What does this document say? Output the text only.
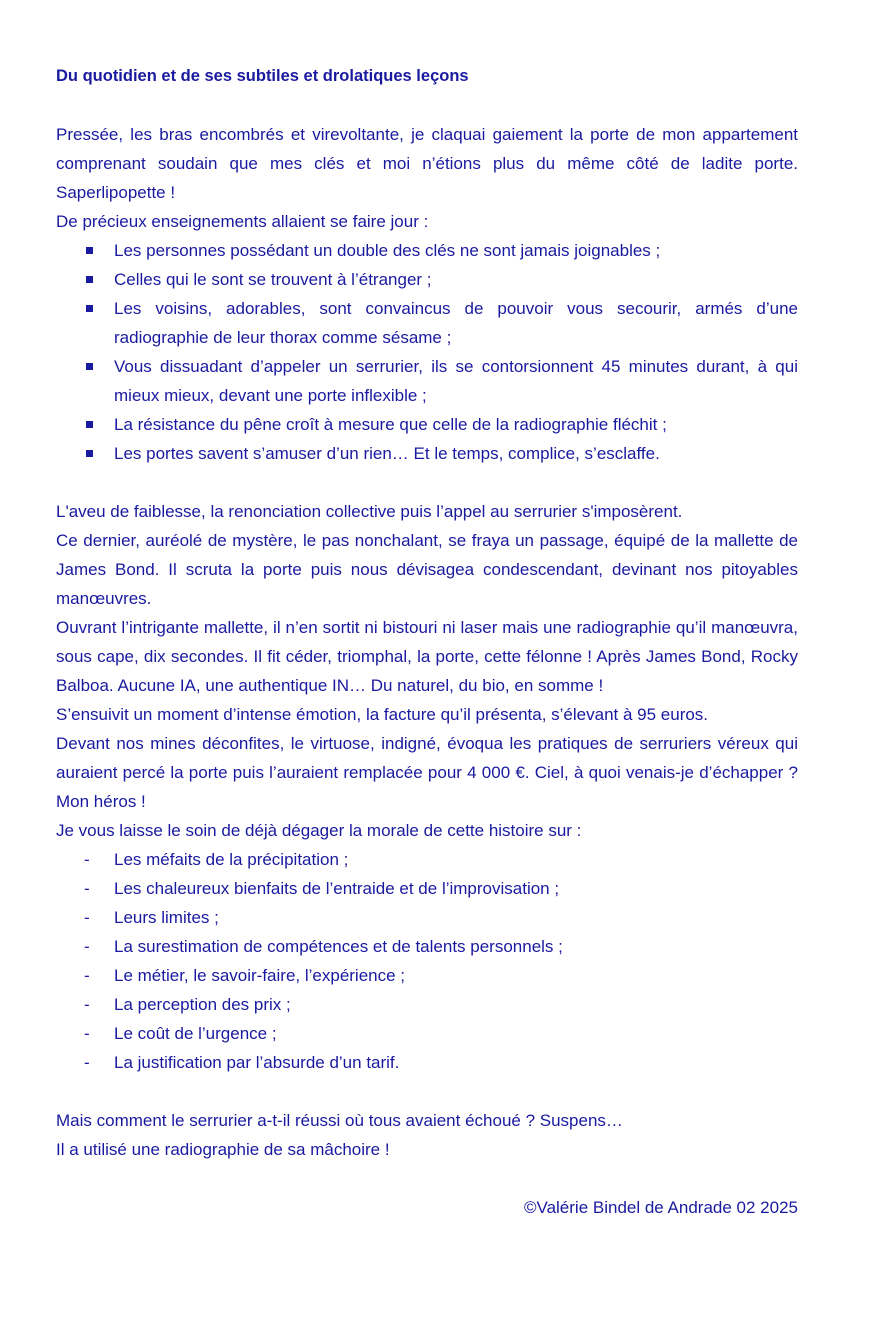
Du quotidien et de ses subtiles et drolatiques leçons

Pressée, les bras encombrés et virevoltante, je claquai gaiement la porte de mon appartement comprenant soudain que mes clés et moi n’étions plus du même côté de ladite porte. Saperlipopette !

De précieux enseignements allaient se faire jour :

Les personnes possédant un double des clés ne sont jamais joignables ;
Celles qui le sont se trouvent à l’étranger ;
Les voisins, adorables, sont convaincus de pouvoir vous secourir, armés d’une radiographie de leur thorax comme sésame ;
Vous dissuadant d’appeler un serrurier, ils se contorsionnent 45 minutes durant, à qui mieux mieux, devant une porte inflexible ;
La résistance du pêne croît à mesure que celle de la radiographie fléchit ;
Les portes savent s’amuser d’un rien… Et le temps, complice, s’esclaffe.

L'aveu de faiblesse, la renonciation collective puis l’appel au serrurier s'imposèrent.

Ce dernier, auréolé de mystère, le pas nonchalant, se fraya un passage, équipé de la mallette de James Bond. Il scruta la porte puis nous dévisagea condescendant, devinant nos pitoyables manœuvres.

Ouvrant l’intrigante mallette, il n’en sortit ni bistouri ni laser mais une radiographie qu’il manœuvra, sous cape, dix secondes. Il fit céder, triomphal, la porte, cette félonne ! Après James Bond, Rocky Balboa. Aucune IA, une authentique IN… Du naturel, du bio, en somme !

S’ensuivit un moment d’intense émotion, la facture qu’il présenta, s’élevant à 95 euros.

Devant nos mines déconfites, le virtuose, indigné, évoqua les pratiques de serruriers véreux qui auraient percé la porte puis l’auraient remplacée pour 4 000 €. Ciel, à quoi venais-je d’échapper ? Mon héros !

Je vous laisse le soin de déjà dégager la morale de cette histoire sur :

- Les méfaits de la précipitation ;
- Les chaleureux bienfaits de l’entraide et de l’improvisation ;
- Leurs limites ;
- La surestimation de compétences et de talents personnels ;
- Le métier, le savoir-faire, l’expérience ;
- La perception des prix ;
- Le coût de l’urgence ;
- La justification par l’absurde d’un tarif.

Mais comment le serrurier a-t-il réussi où tous avaient échoué ? Suspens…

Il a utilisé une radiographie de sa mâchoire !

©Valérie Bindel de Andrade 02 2025
